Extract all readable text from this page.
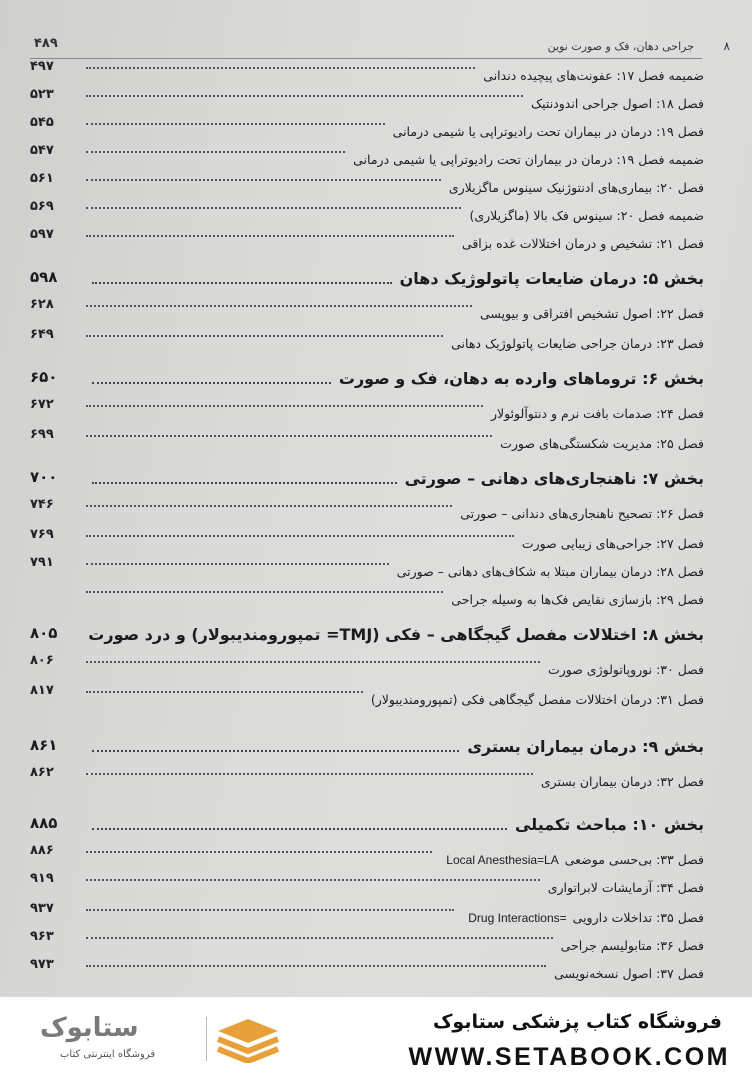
۸
جراحی دهان، فک و صورت نوین
۴۸۹
ضمیمه فصل ۱۷: عفونت‌های پیچیده دندانی
۴۹۷
فصل ۱۸: اصول جراحی اندودنتیک
۵۲۳
فصل ۱۹: درمان در بیماران تحت رادیوتراپی یا شیمی درمانی
۵۴۵
ضمیمه فصل ۱۹: درمان در بیماران تحت رادیوتراپی یا شیمی درمانی
۵۴۷
فصل ۲۰: بیماری‌های ادنتوژنیک سینوس ماگزیلاری
۵۶۱
ضمیمه فصل ۲۰: سینوس فک بالا (ماگزیلاری)
۵۶۹
فصل ۲۱: تشخیص و درمان اختلالات غده بزاقی
۵۹۷
بخش ۵: درمان ضایعات پاتولوژیک دهان
۵۹۸
فصل ۲۲: اصول تشخیص افتراقی و بیوپسی
۶۲۸
فصل ۲۳: درمان جراحی ضایعات پاتولوژیک دهانی
۶۴۹
بخش ۶: تروماهای وارده به دهان، فک و صورت
۶۵۰
فصل ۲۴: صدمات بافت نرم و دنتوآلوئولار
۶۷۲
فصل ۲۵: مدیریت شکستگی‌های صورت
۶۹۹
بخش ۷: ناهنجاری‌های دهانی – صورتی
۷۰۰
فصل ۲۶: تصحیح ناهنجاری‌های دندانی – صورتی
۷۴۶
فصل ۲۷: جراحی‌های زیبایی صورت
۷۶۹
فصل ۲۸: درمان بیماران مبتلا به شکاف‌های دهانی – صورتی
۷۹۱
فصل ۲۹: بازسازی نقایص فک‌ها به وسیله جراحی
بخش ۸: اختلالات مفصل گیجگاهی – فکی (TMJ= تمپورومندیبولار) و درد صورت
۸۰۵
فصل ۳۰: نوروپاتولوژی صورت
۸۰۶
فصل ۳۱: درمان اختلالات مفصل گیجگاهی فکی (تمپورومندیبولار)
۸۱۷
بخش ۹: درمان بیماران بستری
۸۶۱
فصل ۳۲: درمان بیماران بستری
۸۶۲
بخش ۱۰: مباحث تکمیلی
۸۸۵
فصل ۳۳: بی‌حسی موضعیLocal Anesthesia=LA
۸۸۶
فصل ۳۴: آزمایشات لابراتواری
۹۱۹
فصل ۳۵: تداخلات داروییDrug Interactions=
۹۳۷
فصل ۳۶: متابولیسم جراحی
۹۶۳
فصل ۳۷: اصول نسخه‌نویسی
۹۷۳
فروشگاه کتاب پزشکی ستابوک
WWW.SETABOOK.COM
ستابوک
فروشگاه اینترنتی کتاب
